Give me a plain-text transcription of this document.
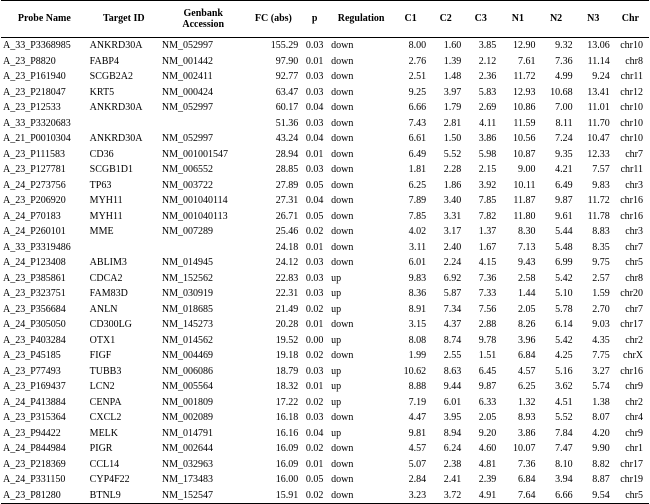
Probe Name	Target ID	Genbank Accession	FC (abs)	p	Regulation	C1	C2	C3	N1	N2	N3	Chr
A_33_P3368985	ANKRD30A	NM_052997	155.29	0.03	down	8.00	1.60	3.85	12.90	9.32	13.06	chr10
A_23_P8820	FABP4	NM_001442	97.90	0.01	down	2.76	1.39	2.12	7.61	7.36	11.14	chr8
A_23_P161940	SCGB2A2	NM_002411	92.77	0.03	down	2.51	1.48	2.36	11.72	4.99	9.24	chr11
A_23_P218047	KRT5	NM_000424	63.47	0.03	down	9.25	3.97	5.83	12.93	10.68	13.41	chr12
A_23_P12533	ANKRD30A	NM_052997	60.17	0.04	down	6.66	1.79	2.69	10.86	7.00	11.01	chr10
A_33_P3320683			51.36	0.03	down	7.43	2.81	4.11	11.59	8.11	11.70	chr10
A_21_P0010304	ANKRD30A	NM_052997	43.24	0.04	down	6.61	1.50	3.86	10.56	7.24	10.47	chr10
A_23_P111583	CD36	NM_001001547	28.94	0.01	down	6.49	5.52	5.98	10.87	9.35	12.33	chr7
A_23_P127781	SCGB1D1	NM_006552	28.85	0.03	down	1.81	2.28	2.15	9.00	4.21	7.57	chr11
A_24_P273756	TP63	NM_003722	27.89	0.05	down	6.25	1.86	3.92	10.11	6.49	9.83	chr3
A_23_P206920	MYH11	NM_001040114	27.31	0.04	down	7.89	3.40	7.85	11.87	9.87	11.72	chr16
A_24_P70183	MYH11	NM_001040113	26.71	0.05	down	7.85	3.31	7.82	11.80	9.61	11.78	chr16
A_24_P260101	MME	NM_007289	25.46	0.02	down	4.02	3.17	1.37	8.30	5.44	8.83	chr3
A_33_P3319486			24.18	0.01	down	3.11	2.40	1.67	7.13	5.48	8.35	chr7
A_24_P123408	ABLIM3	NM_014945	24.12	0.03	down	6.01	2.24	4.15	9.43	6.99	9.75	chr5
A_23_P385861	CDCA2	NM_152562	22.83	0.03	up	9.83	6.92	7.36	2.58	5.42	2.57	chr8
A_23_P323751	FAM83D	NM_030919	22.31	0.03	up	8.36	5.87	7.33	1.44	5.10	1.59	chr20
A_23_P356684	ANLN	NM_018685	21.49	0.02	up	8.91	7.34	7.56	2.05	5.78	2.70	chr7
A_24_P305050	CD300LG	NM_145273	20.28	0.01	down	3.15	4.37	2.88	8.26	6.14	9.03	chr17
A_23_P403284	OTX1	NM_014562	19.52	0.00	up	8.08	8.74	9.78	3.96	5.42	4.35	chr2
A_23_P45185	FIGF	NM_004469	19.18	0.02	down	1.99	2.55	1.51	6.84	4.25	7.75	chrX
A_23_P77493	TUBB3	NM_006086	18.79	0.03	up	10.62	8.63	6.45	4.57	5.16	3.27	chr16
A_23_P169437	LCN2	NM_005564	18.32	0.01	up	8.88	9.44	9.87	6.25	3.62	5.74	chr9
A_24_P413884	CENPA	NM_001809	17.22	0.02	up	7.19	6.01	6.33	1.32	4.51	1.38	chr2
A_23_P315364	CXCL2	NM_002089	16.18	0.03	down	4.47	3.95	2.05	8.93	5.52	8.07	chr4
A_23_P94422	MELK	NM_014791	16.16	0.04	up	9.81	8.94	9.20	3.86	7.84	4.20	chr9
A_24_P844984	PIGR	NM_002644	16.09	0.02	down	4.57	6.24	4.60	10.07	7.47	9.90	chr1
A_23_P218369	CCL14	NM_032963	16.09	0.01	down	5.07	2.38	4.81	7.36	8.10	8.82	chr17
A_24_P331150	CYP4F22	NM_173483	16.00	0.05	down	2.84	2.41	2.39	6.84	3.94	8.87	chr19
A_23_P81280	BTNL9	NM_152547	15.91	0.02	down	3.23	3.72	4.91	7.64	6.66	9.54	chr5
